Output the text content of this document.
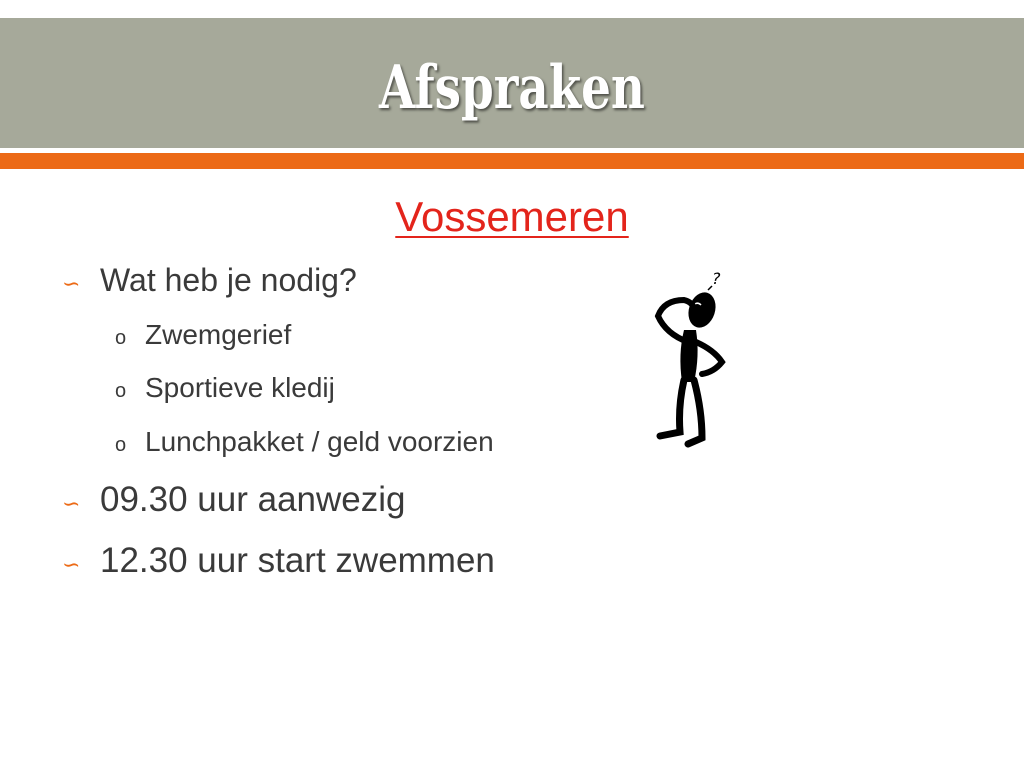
Afspraken
Vossemeren
∽ Wat heb je nodig?
o Zwemgerief
o Sportieve kledij
o Lunchpakket / geld voorzien
∽ 09.30 uur aanwezig
∽ 12.30 uur start zwemmen
?
